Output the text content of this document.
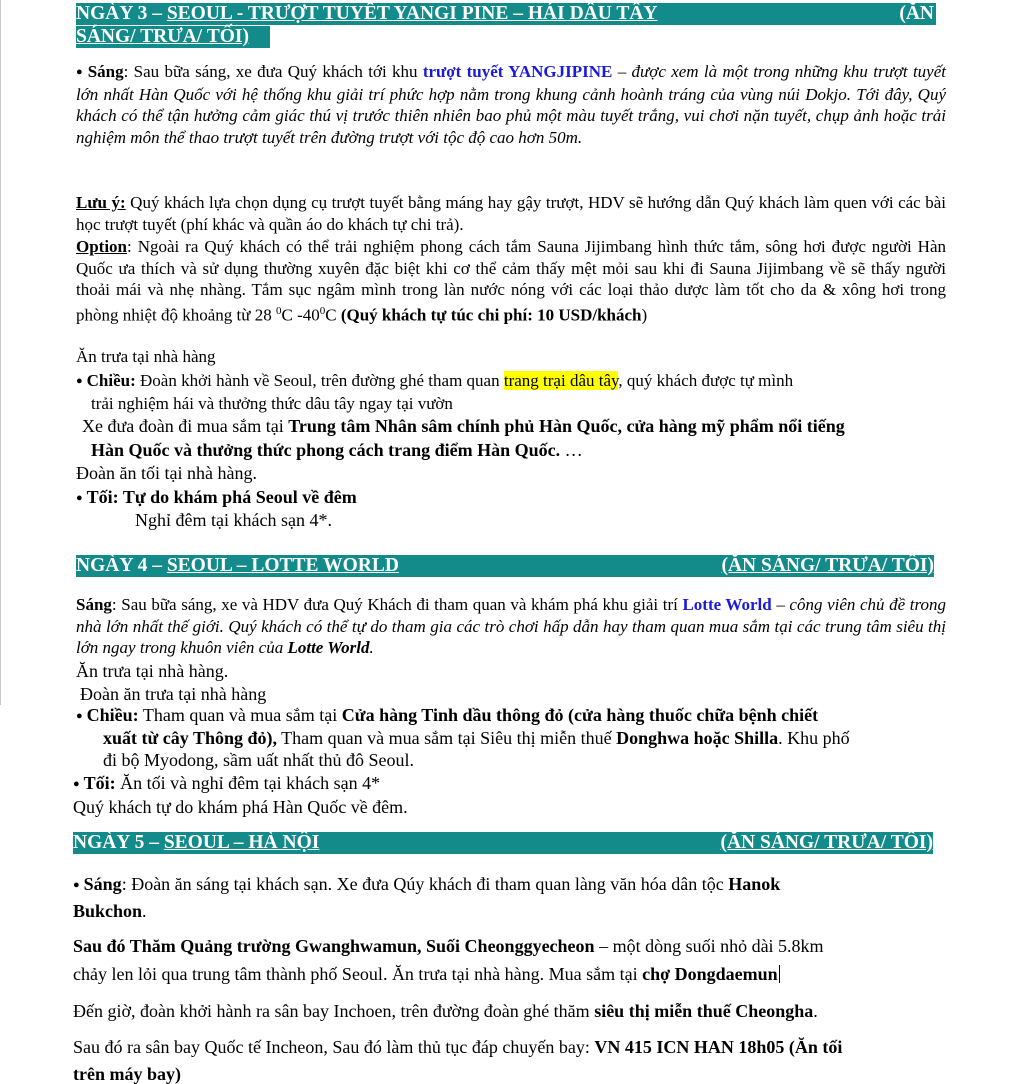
NGÀY 3 – SEOUL - TRƯỢT TUYẾT YANGI PINE – HÁI DÂU TÂY	(ĂN
SÁNG/ TRƯA/ TỐI)
● Sáng: Sau bữa sáng, xe đưa Quý khách tới khu trượt tuyết YANGJIPINE – được xem là một trong những khu trượt tuyết lớn nhất Hàn Quốc với hệ thống khu giải trí phức hợp nằm trong khung cảnh hoành tráng của vùng núi Dokjo. Tới đây, Quý khách có thể tận hưởng cảm giác thú vị trước thiên nhiên bao phủ một màu tuyết trắng, vui chơi nặn tuyết, chụp ảnh hoặc trải nghiệm môn thể thao trượt tuyết trên đường trượt với tộc độ cao hơn 50m.
Lưu ý: Quý khách lựa chọn dụng cụ trượt tuyết bằng máng hay gậy trượt, HDV sẽ hướng dẫn Quý khách làm quen với các bài học trượt tuyết (phí khác và quần áo do khách tự chi trả).
Option: Ngoài ra Quý khách có thể trải nghiệm phong cách tắm Sauna Jijimbang hình thức tắm, sông hơi được người Hàn Quốc ưa thích và sử dụng thường xuyên đặc biệt khi cơ thể cảm thấy mệt mỏi sau khi đi Sauna Jijimbang về sẽ thấy người thoải mái và nhẹ nhàng. Tắm sục ngâm mình trong làn nước nóng với các loại thảo dược làm tốt cho da & xông hơi trong phòng nhiệt độ khoảng từ 28 $^0$C $-40^0C$ (Quý khách tự túc chi phí: 10 USD/khách)
Ăn trưa tại nhà hàng
● Chiều: Đoàn khởi hành về Seoul, trên đường ghé tham quan trang trại dâu tây, quý khách được tự mình
trải nghiệm hái và thưởng thức dâu tây ngay tại vườn
Xe đưa đoàn đi mua sắm tại Trung tâm Nhân sâm chính phủ Hàn Quốc, cửa hàng mỹ phẩm nổi tiếng
Hàn Quốc và thưởng thức phong cách trang điểm Hàn Quốc. …
Đoàn ăn tối tại nhà hàng.
● Tối: Tự do khám phá Seoul về đêm
Nghỉ đêm tại khách sạn 4*.
NGÀY 4 – SEOUL – LOTTE WORLD	(ĂN SÁNG/ TRƯA/ TỐI)
Sáng: Sau bữa sáng, xe và HDV đưa Quý Khách đi tham quan và khám phá khu giải trí Lotte World – công viên chủ đề trong nhà lớn nhất thế giới. Quý khách có thể tự do tham gia các trò chơi hấp dẫn hay tham quan mua sắm tại các trung tâm siêu thị lớn ngay trong khuôn viên của Lotte World.
Ăn trưa tại nhà hàng.
Đoàn ăn trưa tại nhà hàng
● Chiều: Tham quan và mua sắm tại Cửa hàng Tinh dầu thông đỏ (cửa hàng thuốc chữa bệnh chiết
xuất từ cây Thông đỏ), Tham quan và mua sắm tại Siêu thị miễn thuế Donghwa hoặc Shilla. Khu phố
đi bộ Myodong, sầm uất nhất thủ đô Seoul.
● Tối: Ăn tối và nghỉ đêm tại khách sạn 4*
Quý khách tự do khám phá Hàn Quốc về đêm.
NGÀY 5 – SEOUL – HÀ NỘI	(ĂN SÁNG/ TRƯA/ TỐI)
● Sáng: Đoàn ăn sáng tại khách sạn. Xe đưa Qúy khách đi tham quan làng văn hóa dân tộc Hanok
Bukchon.
Sau đó Thăm Quảng trường Gwanghwamun, Suối Cheonggyecheon – một dòng suối nhỏ dài 5.8km
chảy len lỏi qua trung tâm thành phố Seoul. Ăn trưa tại nhà hàng. Mua sắm tại chợ Dongdaemun
Đến giờ, đoàn khởi hành ra sân bay Inchoen, trên đường đoàn ghé thăm siêu thị miễn thuế Cheongha.
Sau đó ra sân bay Quốc tế Incheon, Sau đó làm thủ tục đáp chuyến bay: VN 415 ICN HAN 18h05 (Ăn tối
trên máy bay)
